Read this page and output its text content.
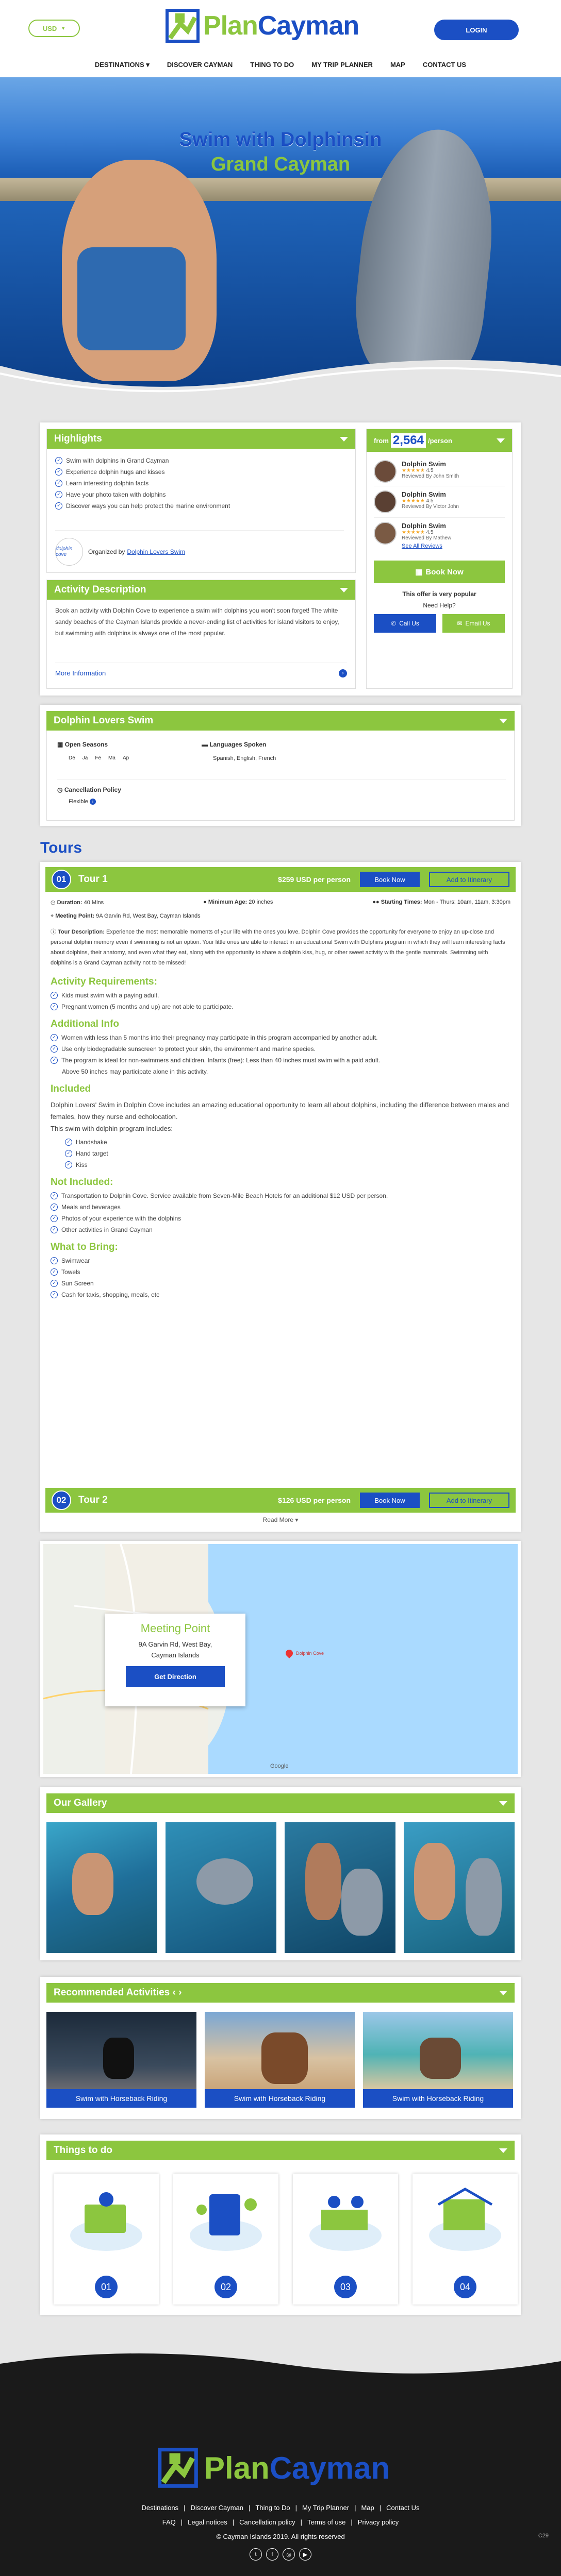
USD ▼	PlanCayman	LOGIN
DESTINATIONS ▾	DISCOVER CAYMAN	THING TO DO	MY TRIP PLANNER	MAP	CONTACT US
Swim with Dolphinsin
Grand Cayman
Highlights
✓ Swim with dolphins in Grand Cayman
✓ Experience dolphin hugs and kisses
✓ Learn interesting dolphin facts
✓ Have your photo taken with dolphins
✓ Discover ways you can help protect the marine environment
dolphin cove	Organized by Dolphin Lovers Swim
Activity Description

Book an activity with Dolphin Cove to experience a swim with dolphins you won't soon forget! The white sandy beaches of the Cayman Islands provide a never-ending list of activities for island visitors to enjoy, but swimming with dolphins is always one of the most popular.

More Information	›
from 2,564 /person
Dolphin Swim
★★★★★ 4.5
Reviewed By John Smith
Dolphin Swim
★★★★★ 4.5
Reviewed By Victor John
Dolphin Swim
★★★★★ 4.5
Reviewed By Mathew
See All Reviews
▦ Book Now
This offer is very popular
Need Help?
✆ Call Us	✉ Email Us
Dolphin Lovers Swim
▦ Open Seasons
De Ja Fe Ma Ap
▬ Languages Spoken
Spanish, English, French
◷ Cancellation Policy
Flexible i
Tours
01	Tour 1	$259 USD per person	Book Now	Add to Itinerary
◷ Duration: 40 Mins	● Minimum Age: 20 inches	●● Starting Times: Mon - Thurs: 10am, 11am, 3:30pm
⌖ Meeting Point: 9A Garvin Rd, West Bay, Cayman Islands
ⓘ Tour Description: Experience the most memorable moments of your life with the ones you love. Dolphin Cove provides the opportunity for everyone to enjoy an up-close and personal dolphin memory even if swimming is not an option. Your little ones are able to interact in an educational Swim with Dolphins program in which they will learn interesting facts about dolphins, their anatomy, and even what they eat, along with the opportunity to share a dolphin kiss, hug, or other sweet activity with the gentle mammals. Swimming with dolphins is a Grand Cayman activity not to be missed!
Activity Requirements:
✓ Kids must swim with a paying adult.
✓ Pregnant women (5 months and up) are not able to participate.
Additional Info
✓ Women with less than 5 months into their pregnancy may participate in this program accompanied by another adult.
✓ Use only biodegradable sunscreen to protect your skin, the environment and marine species.
✓ The program is ideal for non-swimmers and children. Infants (free): Less than 40 inches must swim with a paid adult.
Above 50 inches may participate alone in this activity.
Included

Dolphin Lovers' Swim in Dolphin Cove includes an amazing educational opportunity to learn all about dolphins, including the difference between males and females, how they nurse and echolocation.

This swim with dolphin program includes:

✓ Handshake
✓ Hand target
✓ Kiss
Not Included:
✓ Transportation to Dolphin Cove. Service available from Seven-Mile Beach Hotels for an additional $12 USD per person.
✓ Meals and beverages
✓ Photos of your experience with the dolphins
✓ Other activities in Grand Cayman
What to Bring:
✓ Swimwear
✓ Towels
✓ Sun Screen
✓ Cash for taxis, shopping, meals, etc
02	Tour 2	$126 USD per person	Book Now	Add to Itinerary
Read More ▾
Dolphin Cove
Google
Meeting Point
9A Garvin Rd, West Bay,
Cayman Islands
Get Direction
Our Gallery
Recommended Activities ‹ ›
Swim with Horseback Riding	Swim with Horseback Riding	Swim with Horseback Riding
Things to do
01	02	03	04
PlanCayman
Destinations | Discover Cayman | Thing to Do | My Trip Planner | Map | Contact Us
FAQ | Legal notices | Cancellation policy | Terms of use | Privacy policy
© Cayman Islands 2019. All rights reserved	C29
t	f	◎	▶
